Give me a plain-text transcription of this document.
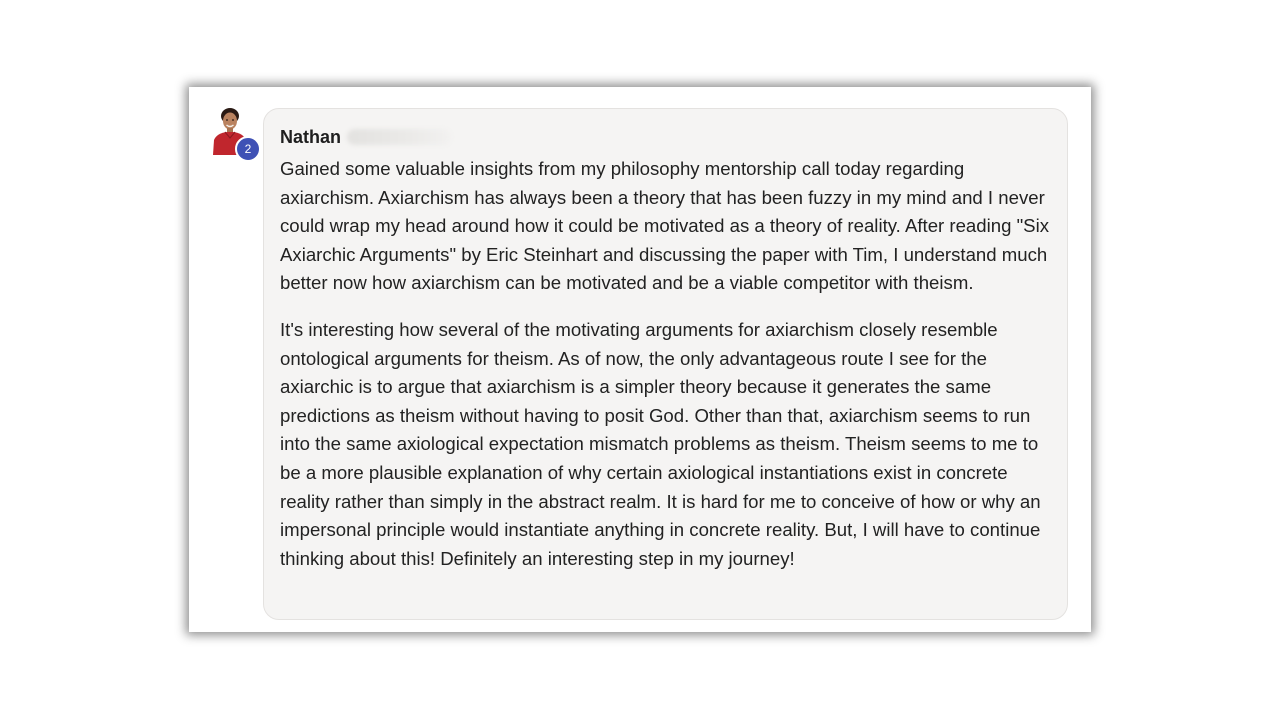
2
Nathan

Gained some valuable insights from my philosophy mentorship call today regarding axiarchism. Axiarchism has always been a theory that has been fuzzy in my mind and I never could wrap my head around how it could be motivated as a theory of reality. After reading "Six Axiarchic Arguments" by Eric Steinhart and discussing the paper with Tim, I understand much better now how axiarchism can be motivated and be a viable competitor with theism.

It's interesting how several of the motivating arguments for axiarchism closely resemble ontological arguments for theism. As of now, the only advantageous route I see for the axiarchic is to argue that axiarchism is a simpler theory because it generates the same predictions as theism without having to posit God. Other than that, axiarchism seems to run into the same axiological expectation mismatch problems as theism. Theism seems to me to be a more plausible explanation of why certain axiological instantiations exist in concrete reality rather than simply in the abstract realm. It is hard for me to conceive of how or why an impersonal principle would instantiate anything in concrete reality. But, I will have to continue thinking about this! Definitely an interesting step in my journey!
